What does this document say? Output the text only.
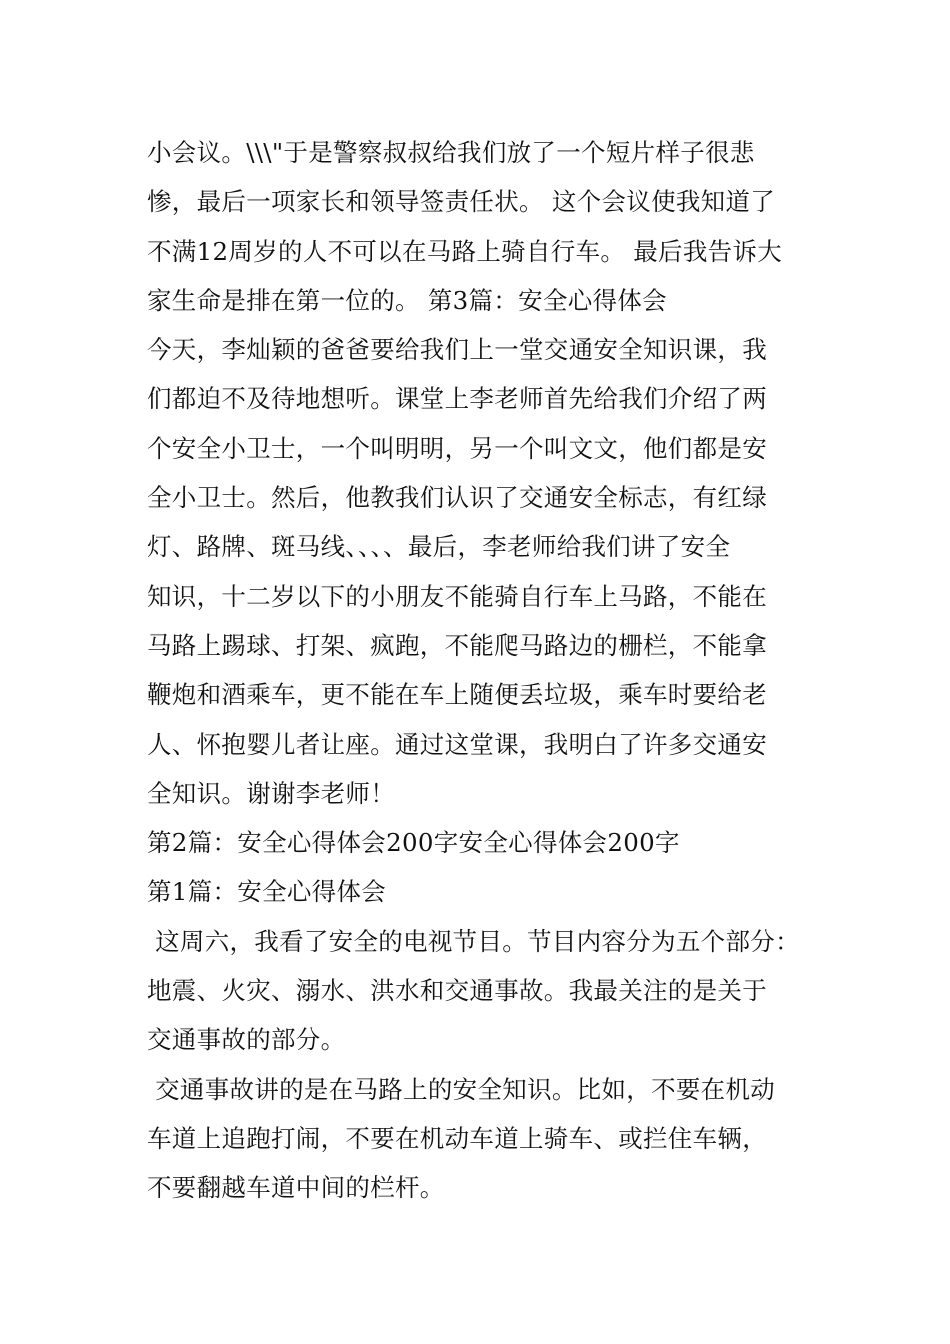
小会议。\\\"于是警察叔叔给我们放了一个短片样子很悲
惨，最后一项家长和领导签责任状。 这个会议使我知道了
不满12周岁的人不可以在马路上骑自行车。 最后我告诉大
家生命是排在第一位的。 第3篇：安全心得体会
今天，李灿颖的爸爸要给我们上一堂交通安全知识课，我
们都迫不及待地想听。课堂上李老师首先给我们介绍了两
个安全小卫士，一个叫明明，另一个叫文文，他们都是安
全小卫士。然后，他教我们认识了交通安全标志，有红绿
灯、路牌、斑马线、、、、最后，李老师给我们讲了安全
知识，十二岁以下的小朋友不能骑自行车上马路，不能在
马路上踢球、打架、疯跑，不能爬马路边的栅栏，不能拿
鞭炮和酒乘车，更不能在车上随便丢垃圾，乘车时要给老
人、怀抱婴儿者让座。通过这堂课，我明白了许多交通安
全知识。谢谢李老师！
第2篇：安全心得体会200字安全心得体会200字
第1篇：安全心得体会
这周六，我看了安全的电视节目。节目内容分为五个部分：
地震、火灾、溺水、洪水和交通事故。我最关注的是关于
交通事故的部分。
交通事故讲的是在马路上的安全知识。比如，不要在机动
车道上追跑打闹，不要在机动车道上骑车、或拦住车辆，
不要翻越车道中间的栏杆。
